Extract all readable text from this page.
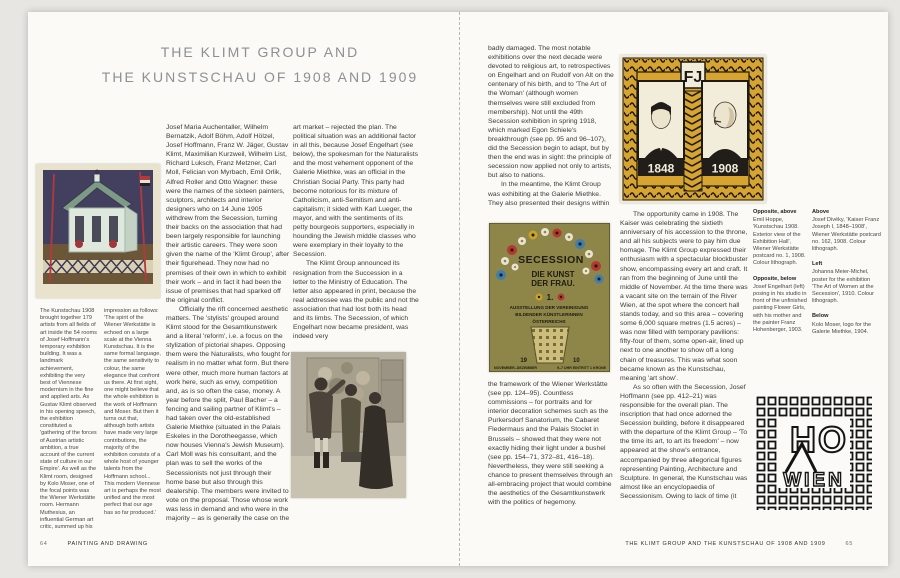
THE KLIMT GROUP AND
THE KUNSTSCHAU OF 1908 AND 1909
The Kunstschau 1908 brought together 179 artists from all fields of art inside the 54 rooms of Josef Hoffmann's temporary exhibition building. It was a landmark achievement, exhibiting the very best of Viennese modernism in the fine and applied arts. As Gustav Klimt observed in his opening speech, the exhibition constituted a 'gathering of the forces of Austrian artistic ambition, a true account of the current state of culture in our Empire'. As well as the Klimt room, designed by Kolo Moser, one of the focal points was the Wiener Werkstätte room. Hermann Muthesius, an influential German art critic, summed up his
impression as follows: 'The spirit of the Wiener Werkstätte is echoed on a large scale at the Vienna Kunstschau. It is the same formal language, the same sensitivity to colour, the same elegance that confront us there. At first sight, one might believe that the whole exhibition is the work of Hoffmann and Moser. But then it turns out that, although both artists have made very large contributions, the majority of the exhibition consists of a whole host of younger talents from the Hoffmann school... This modern Viennese art is perhaps the most unified and the most perfect that our age has so far produced.'

Josef Maria Auchentaller, Wilhelm Bernatzik, Adolf Böhm, Adolf Hölzel, Josef Hoffmann, Franz W. Jäger, Gustav Klimt, Maximilian Kurzweil, Wilhelm List, Richard Luksch, Franz Metzner, Carl Moll, Felician von Myrbach, Emil Orlik, Alfred Roller and Otto Wagner: these were the names of the sixteen painters, sculptors, architects and interior designers who on 14 June 1905 withdrew from the Secession, turning their backs on the association that had been largely responsible for launching their artistic careers. They were soon given the name of the 'Klimt Group', after their figurehead. They now had no premises of their own in which to exhibit their work – and in fact it had been the issue of premises that had sparked off the original conflict.

Officially the rift concerned aesthetic matters. The 'stylists' grouped around Klimt stood for the Gesamtkunstwerk and a literal 'reform', i.e. a focus on the stylization of pictorial shapes. Opposing them were the Naturalists, who fought for realism in no matter what form. But there were other, much more human factors at work here, such as envy, competition and, as is so often the case, money. A year before the split, Paul Bacher – a fencing and sailing partner of Klimt's – had taken over the old-established Galerie Miethke (situated in the Palais Eskeles in the Dorotheegasse, which now houses Vienna's Jewish Museum). Carl Moll was his consultant, and the plan was to sell the works of the Secessionists not just through their home base but also through this dealership. The members were invited to vote on the proposal. Those whose work was less in demand and who were in the majority – as is generally the case on the

art market – rejected the plan. The political situation was an additional factor in all this, because Josef Engelhart (see below), the spokesman for the Naturalists and the most vehement opponent of the Galerie Miethke, was an official in the Christian Social Party. This party had become notorious for its mixture of Catholicism, anti-Semitism and anti-capitalism; it sided with Karl Lueger, the mayor, and with the sentiments of its petty bourgeois supporters, especially in hounding the Jewish middle classes who were exemplary in their loyalty to the Secession.

The Klimt Group announced its resignation from the Succession in a letter to the Ministry of Education. The letter also appeared in print, because the real addressee was the public and not the association that had lost both its head and its limbs. The Secession, of which Engelhart now became president, was indeed very

64	PAINTING AND DRAWING

badly damaged. The most notable exhibitions over the next decade were devoted to religious art, to retrospectives on Engelhart and on Rudolf von Alt on the centenary of his birth, and to 'The Art of the Woman' (although women themselves were still excluded from membership). Not until the 49th Secession exhibition in spring 1918, which marked Egon Schiele's breakthrough (see pp. 95 and 96–107), did the Secession begin to adapt, but by then the end was in sight: the principle of secession now applied not only to artists, but also to nations.

In the meantime, the Klimt Group was exhibiting at the Galerie Miethke. They also presented their designs within

SECESSION
DIE KUNST
DER FRAU.
1.
AUSSTELLUNG DER VEREINIGUNG
BILDENDER KÜNSTLERINNEN
ÖSTERREICHS
19	10
NOVEMBER–DEZEMBER	9–7 UHR EINTRITT 1 KRONE

the framework of the Wiener Werkstätte (see pp. 124–95). Countless commissions – for portraits and for interior decoration schemes such as the Purkersdorf Sanatorium, the Cabaret Fledermaus and the Palais Stoclet in Brussels – showed that they were not exactly hiding their light under a bushel (see pp. 154–71, 372–81, 416–18). Nevertheless, they were still seeking a chance to present themselves through an all-embracing project that would combine the aesthetics of the Gesamtkunstwerk with the politics of hegemony.

FJ
1848	1908

The opportunity came in 1908. The Kaiser was celebrating the sixtieth anniversary of his accession to the throne, and all his subjects were to pay him due homage. The Klimt Group expressed their enthusiasm with a spectacular blockbuster show, encompassing every art and craft. It ran from the beginning of June until the middle of November. At the time there was a vacant site on the terrain of the River Wien, at the spot where the concert hall stands today, and so this area – covering some 6,000 square metres (1.5 acres) – was now filled with temporary pavilions: fifty-four of them, some open-air, lined up next to one another to show off a long chain of treasures. This was what soon became known as the Kunstschau, meaning 'art show'.

As so often with the Secession, Josef Hoffmann (see pp. 412–21) was responsible for the overall plan. The inscription that had once adorned the Secession building, before it disappeared with the departure of the Klimt Group – 'To the time its art, to art its freedom' – now appeared at the show's entrance, accompanied by three allegorical figures representing Painting, Architecture and Sculpture. In general, the Kunstschau was almost like an encyclopaedia of Secessionism. Owing to lack of time (it

Opposite, above
Emil Hoppe, 'Kunstschau 1908. Exterior view of the Exhibition Hall', Wiener Werkstätte postcard no. 1, 1908. Colour lithograph.
Opposite, below
Josef Engelhart (left) posing in his studio in front of the unfinished painting Flower Girls, with his mother and the painter Franz Hohenberger, 1903.
Above
Josef Divéky, 'Kaiser Franz Joseph I, 1848–1908', Wiener Werkstätte postcard no. 162, 1908. Colour lithograph.
Left
Johanna Meier-Michel, poster for the exhibition 'The Art of Women at the Secession', 1910. Colour lithograph.
Below
Kolo Moser, logo for the Galerie Miethke, 1904.
H O
WIEN
THE KLIMT GROUP AND THE KUNSTSCHAU OF 1908 AND 1909	65
